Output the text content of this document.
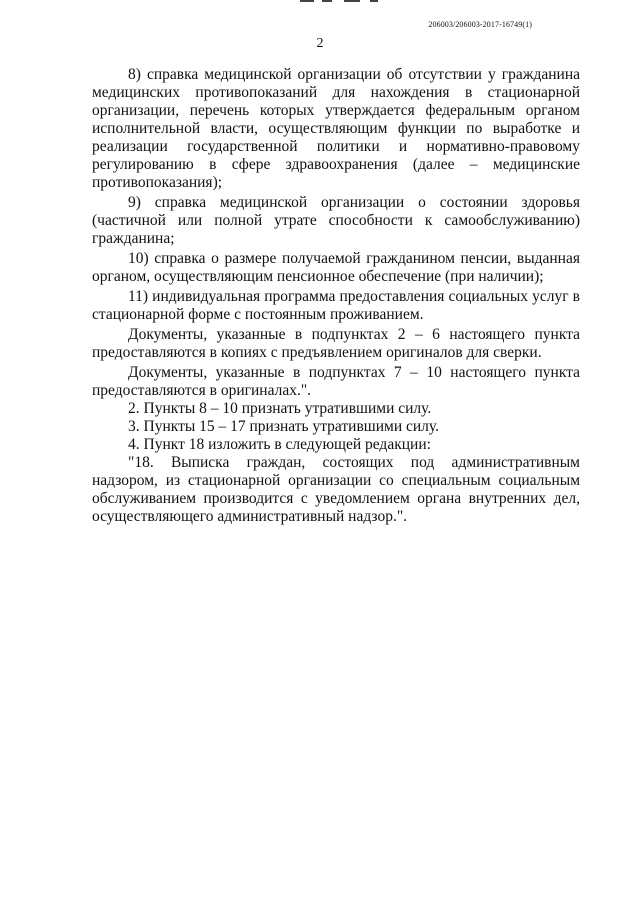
206003/206003-2017-16749(1)
2

8) справка медицинской организации об отсутствии у гражданина медицинских противопоказаний для нахождения в стационарной организации, перечень которых утверждается федеральным органом исполнительной власти, осуществляющим функции по выработке и реализации государственной политики и нормативно-правовому регулированию в сфере здравоохранения (далее – медицинские противопоказания);

9) справка медицинской организации о состоянии здоровья (частичной или полной утрате способности к самообслуживанию) гражданина;

10) справка о размере получаемой гражданином пенсии, выданная органом, осуществляющим пенсионное обеспечение (при наличии);

11) индивидуальная программа предоставления социальных услуг в стационарной форме с постоянным проживанием.

Документы, указанные в подпунктах 2 – 6 настоящего пункта предоставляются в копиях с предъявлением оригиналов для сверки.

Документы, указанные в подпунктах 7 – 10 настоящего пункта предоставляются в оригиналах.".

2. Пункты 8 – 10 признать утратившими силу.

3. Пункты 15 – 17 признать утратившими силу.

4. Пункт 18 изложить в следующей редакции:

"18. Выписка граждан, состоящих под административным надзором, из стационарной организации со специальным социальным обслуживанием производится с уведомлением органа внутренних дел, осуществляющего административный надзор.".
